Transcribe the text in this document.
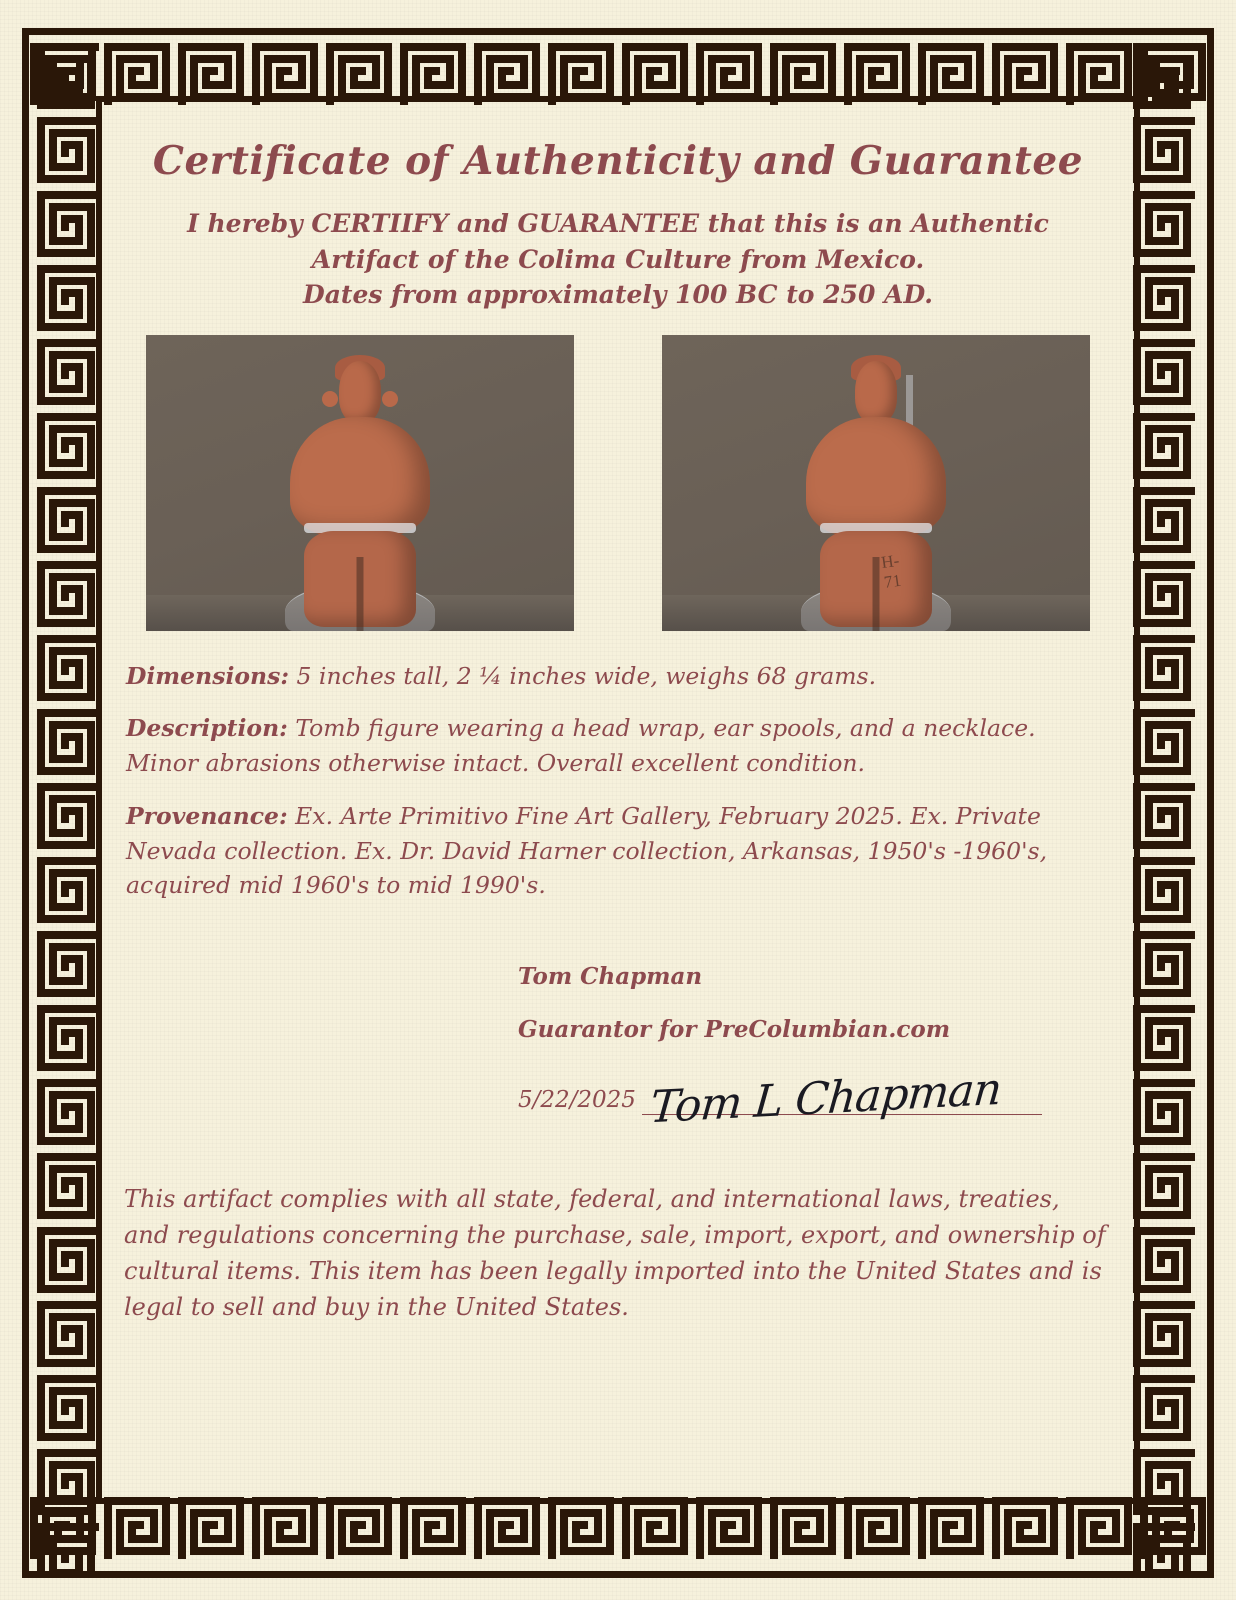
Certificate of Authenticity and Guarantee
I hereby CERTIIFY and GUARANTEE that this is an Authentic
Artifact of the Colima Culture from Mexico.
Dates from approximately 100 BC to 250 AD.
H-71

Dimensions: 5 inches tall, 2 ¼ inches wide, weighs 68 grams.

Description: Tomb figure wearing a head wrap, ear spools, and a necklace. Minor abrasions otherwise intact. Overall excellent condition.

Provenance: Ex. Arte Primitivo Fine Art Gallery, February 2025. Ex. Private Nevada collection. Ex. Dr. David Harner collection, Arkansas, 1950's -1960's, acquired mid 1960's to mid 1990's.

Tom Chapman
Guarantor for PreColumbian.com
5/22/2025 Tom L Chapman
This artifact complies with all state, federal, and international laws, treaties, and regulations concerning the purchase, sale, import, export, and ownership of cultural items. This item has been legally imported into the United States and is legal to sell and buy in the United States.
